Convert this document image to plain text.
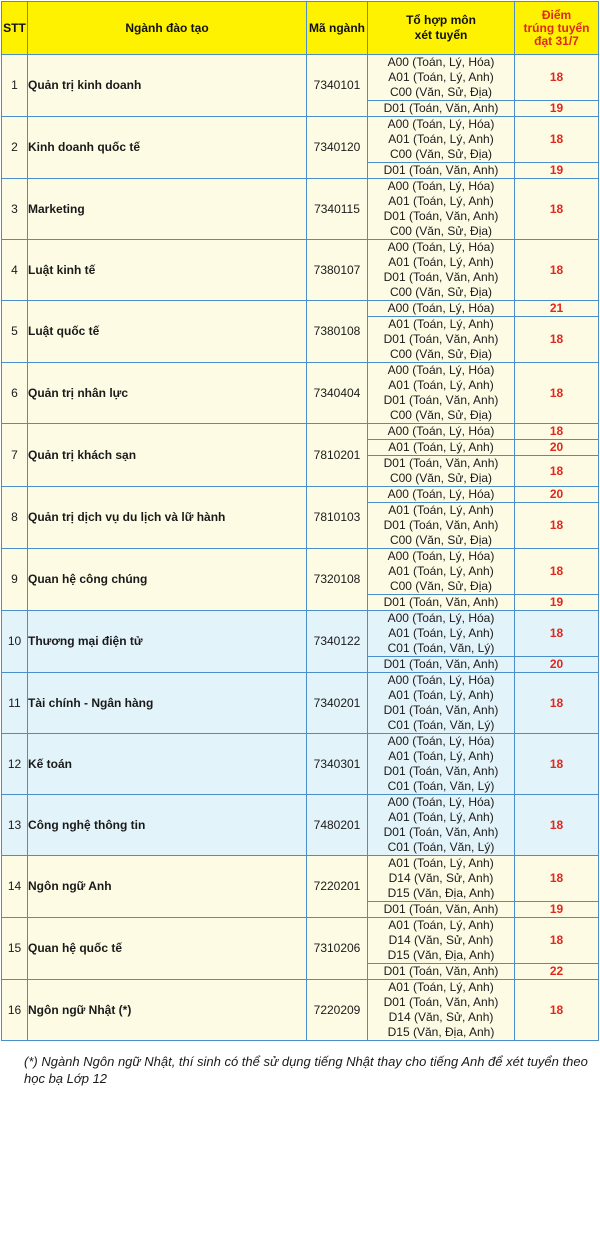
STT	Ngành đào tạo	Mã ngành	Tổ hợp môn
xét tuyển	Điểm
trúng tuyển
đạt 31/7

1	Quản trị kinh doanh	7340101	A00 (Toán, Lý, Hóa)
A01 (Toán, Lý, Anh)
C00 (Văn, Sử, Địa)	18

			D01 (Toán, Văn, Anh)	19
2	Kinh doanh quốc tế	7340120	A00 (Toán, Lý, Hóa)
A01 (Toán, Lý, Anh)
C00 (Văn, Sử, Địa)	18

			D01 (Toán, Văn, Anh)	19
3	Marketing	7340115	A00 (Toán, Lý, Hóa)
A01 (Toán, Lý, Anh)
D01 (Toán, Văn, Anh)
C00 (Văn, Sử, Địa)	18
4	Luật kinh tế	7380107	A00 (Toán, Lý, Hóa)
A01 (Toán, Lý, Anh)
D01 (Toán, Văn, Anh)
C00 (Văn, Sử, Địa)	18
5	Luật quốc tế	7380108	A00 (Toán, Lý, Hóa)	21

			A01 (Toán, Lý, Anh)
D01 (Toán, Văn, Anh)
C00 (Văn, Sử, Địa)	18
6	Quản trị nhân lực	7340404	A00 (Toán, Lý, Hóa)
A01 (Toán, Lý, Anh)
D01 (Toán, Văn, Anh)
C00 (Văn, Sử, Địa)	18
7	Quản trị khách sạn	7810201	A00 (Toán, Lý, Hóa)	18

			A01 (Toán, Lý, Anh)	20

			D01 (Toán, Văn, Anh)
C00 (Văn, Sử, Địa)	18
8	Quản trị dịch vụ du lịch và lữ hành	7810103	A00 (Toán, Lý, Hóa)	20

			A01 (Toán, Lý, Anh)
D01 (Toán, Văn, Anh)
C00 (Văn, Sử, Địa)	18
9	Quan hệ công chúng	7320108	A00 (Toán, Lý, Hóa)
A01 (Toán, Lý, Anh)
C00 (Văn, Sử, Địa)	18

			D01 (Toán, Văn, Anh)	19
10	Thương mại điện tử	7340122	A00 (Toán, Lý, Hóa)
A01 (Toán, Lý, Anh)
C01 (Toán, Văn, Lý)	18

			D01 (Toán, Văn, Anh)	20
11	Tài chính - Ngân hàng	7340201	A00 (Toán, Lý, Hóa)
A01 (Toán, Lý, Anh)
D01 (Toán, Văn, Anh)
C01 (Toán, Văn, Lý)	18
12	Kế toán	7340301	A00 (Toán, Lý, Hóa)
A01 (Toán, Lý, Anh)
D01 (Toán, Văn, Anh)
C01 (Toán, Văn, Lý)	18
13	Công nghệ thông tin	7480201	A00 (Toán, Lý, Hóa)
A01 (Toán, Lý, Anh)
D01 (Toán, Văn, Anh)
C01 (Toán, Văn, Lý)	18
14	Ngôn ngữ Anh	7220201	A01 (Toán, Lý, Anh)
D14 (Văn, Sử, Anh)
D15 (Văn, Địa, Anh)	18

			D01 (Toán, Văn, Anh)	19
15	Quan hệ quốc tế	7310206	A01 (Toán, Lý, Anh)
D14 (Văn, Sử, Anh)
D15 (Văn, Địa, Anh)	18

			D01 (Toán, Văn, Anh)	22
16	Ngôn ngữ Nhật (*)	7220209	A01 (Toán, Lý, Anh)
D01 (Toán, Văn, Anh)
D14 (Văn, Sử, Anh)
D15 (Văn, Địa, Anh)	18
(*) Ngành Ngôn ngữ Nhật, thí sinh có thể sử dụng tiếng Nhật thay cho tiếng Anh để xét tuyển theo học bạ Lớp 12
